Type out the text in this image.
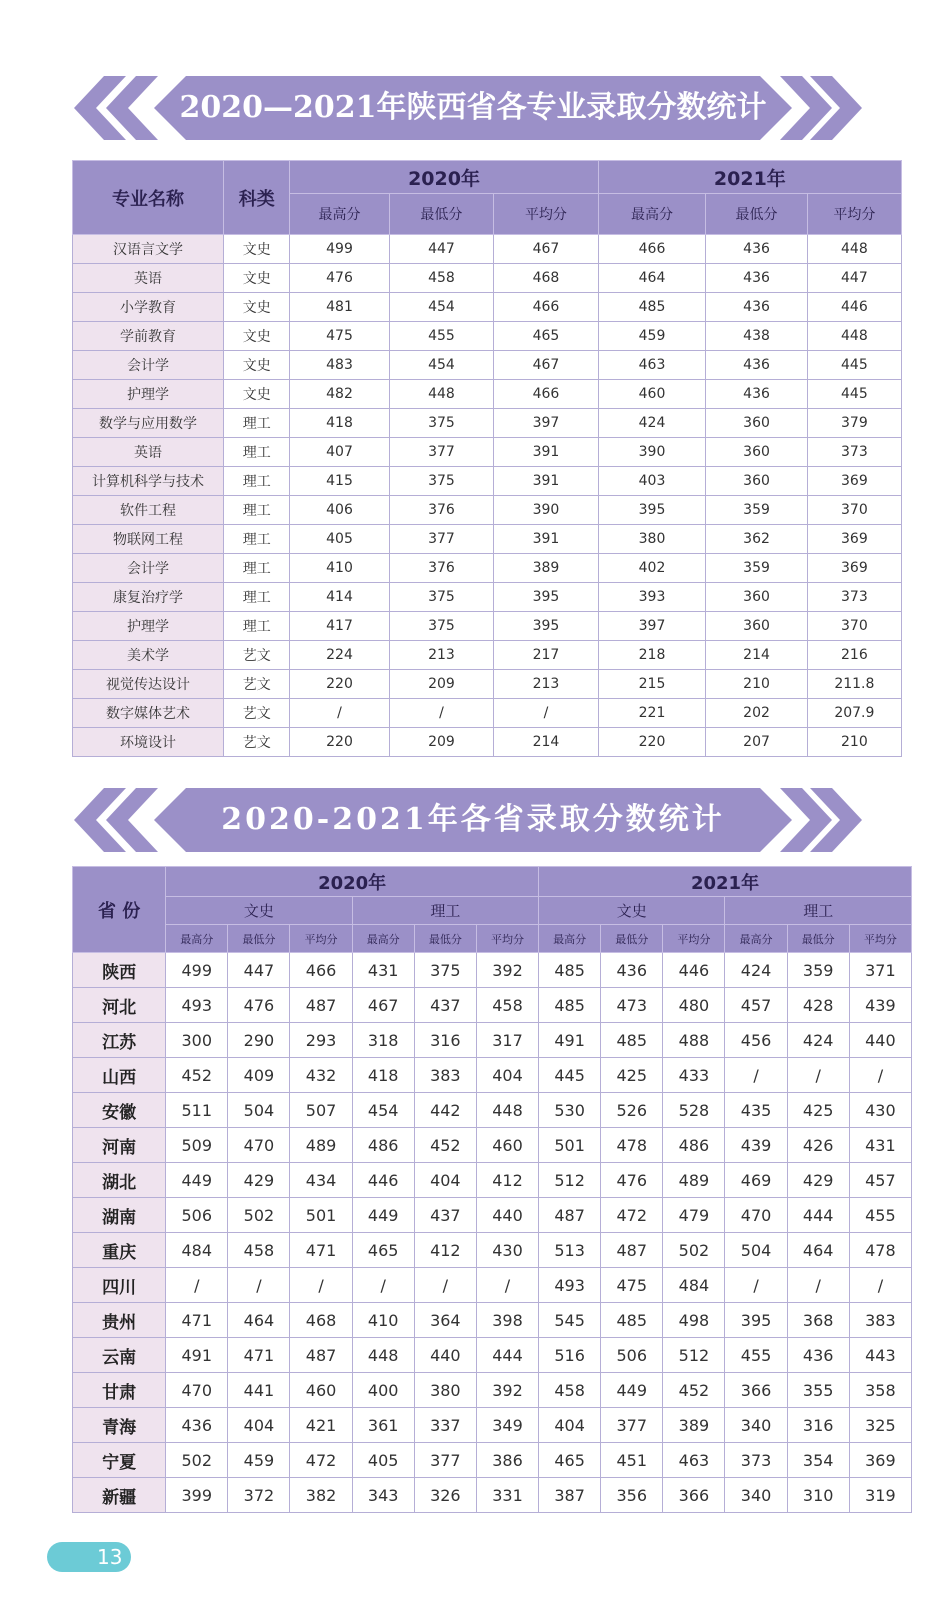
2020—2021年陕西省各专业录取分数统计
专业名称	科类	2020年			2021年		
		最高分	最低分	平均分	最高分	最低分	平均分
汉语言文学	文史	499	447	467	466	436	448
英语	文史	476	458	468	464	436	447
小学教育	文史	481	454	466	485	436	446
学前教育	文史	475	455	465	459	438	448
会计学	文史	483	454	467	463	436	445
护理学	文史	482	448	466	460	436	445
数学与应用数学	理工	418	375	397	424	360	379
英语	理工	407	377	391	390	360	373
计算机科学与技术	理工	415	375	391	403	360	369
软件工程	理工	406	376	390	395	359	370
物联网工程	理工	405	377	391	380	362	369
会计学	理工	410	376	389	402	359	369
康复治疗学	理工	414	375	395	393	360	373
护理学	理工	417	375	395	397	360	370
美术学	艺文	224	213	217	218	214	216
视觉传达设计	艺文	220	209	213	215	210	211.8
数字媒体艺术	艺文	/	/	/	221	202	207.9
环境设计	艺文	220	209	214	220	207	210
2020-2021年各省录取分数统计
省 份	2020年						2021年					
	文史			理工			文史			理工		
	最高分	最低分	平均分	最高分	最低分	平均分	最高分	最低分	平均分	最高分	最低分	平均分
陕西	499	447	466	431	375	392	485	436	446	424	359	371
河北	493	476	487	467	437	458	485	473	480	457	428	439
江苏	300	290	293	318	316	317	491	485	488	456	424	440
山西	452	409	432	418	383	404	445	425	433	/	/	/
安徽	511	504	507	454	442	448	530	526	528	435	425	430
河南	509	470	489	486	452	460	501	478	486	439	426	431
湖北	449	429	434	446	404	412	512	476	489	469	429	457
湖南	506	502	501	449	437	440	487	472	479	470	444	455
重庆	484	458	471	465	412	430	513	487	502	504	464	478
四川	/	/	/	/	/	/	493	475	484	/	/	/
贵州	471	464	468	410	364	398	545	485	498	395	368	383
云南	491	471	487	448	440	444	516	506	512	455	436	443
甘肃	470	441	460	400	380	392	458	449	452	366	355	358
青海	436	404	421	361	337	349	404	377	389	340	316	325
宁夏	502	459	472	405	377	386	465	451	463	373	354	369
新疆	399	372	382	343	326	331	387	356	366	340	310	319
13
